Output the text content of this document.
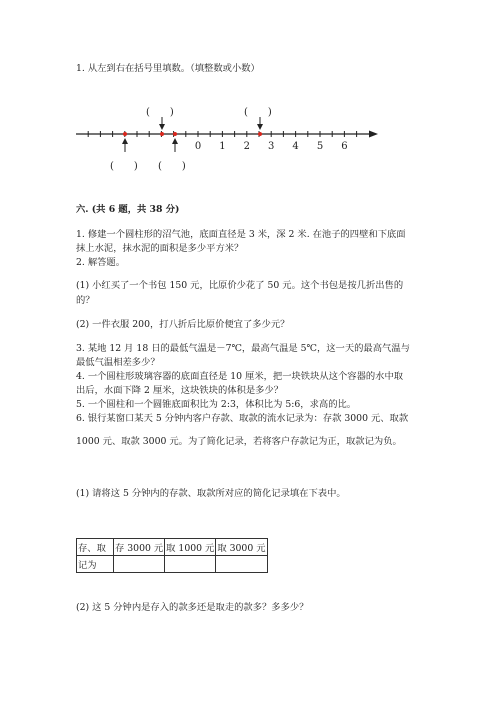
1. 从左到右在括号里填数。（填整数或小数）
0 1 2 3 4 5 6
(　　)	(　　)
(　　) (　　)
六. (共 6 题，共 38 分)
1. 修建一个圆柱形的沼气池，底面直径是 3 米，深 2 米. 在池子的四壁和下底面
抹上水泥，抹水泥的面积是多少平方米？
2. 解答题。
(1) 小红买了一个书包 150 元，比原价少花了 50 元。这个书包是按几折出售的
的？
(2) 一件衣服 200，打八折后比原价便宜了多少元？
3. 某地 12 月 18 日的最低气温是－7℃，最高气温是 5℃，这一天的最高气温与
最低气温相差多少？
4. 一个圆柱形玻璃容器的底面直径是 10 厘米，把一块铁块从这个容器的水中取
出后，水面下降 2 厘米，这块铁块的体积是多少？
5. 一个圆柱和一个圆锥底面积比为 2:3，体积比为 5:6，求高的比。
6. 银行某窗口某天 5 分钟内客户存款、取款的流水记录为：存款 3000 元、取款
1000 元、取款 3000 元。为了简化记录，若将客户存款记为正，取款记为负。
(1) 请将这 5 分钟内的存款、取款所对应的简化记录填在下表中。
存、取	存 3000 元	取 1000 元	取 3000 元
记为			
(2) 这 5 分钟内是存入的款多还是取走的款多？多多少？
